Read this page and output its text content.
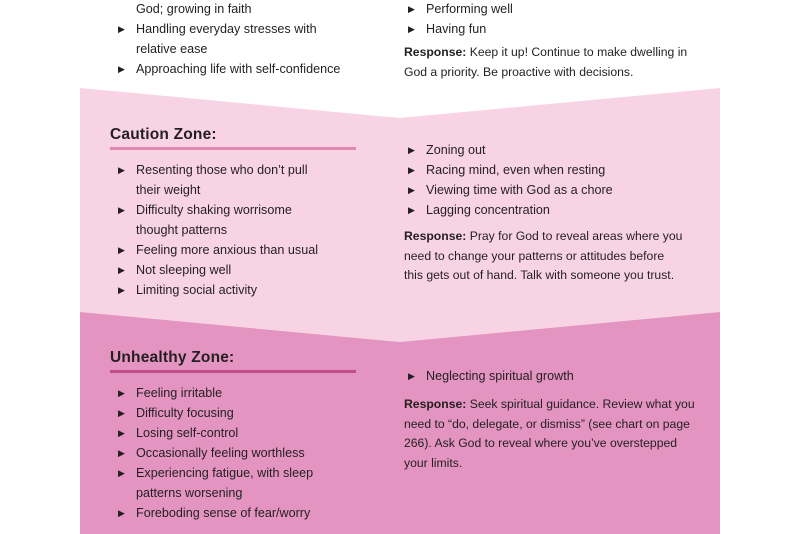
God; growing in faith
▶ Handling everyday stresses with
relative ease
▶ Approaching life with self-confidence
▶ Performing well
▶ Having fun

Response: Keep it up! Continue to make dwelling in God a priority. Be proactive with decisions.

Caution Zone:
▶ Resenting those who don’t pull
their weight
▶ Difficulty shaking worrisome
thought patterns
▶ Feeling more anxious than usual
▶ Not sleeping well
▶ Limiting social activity
▶ Zoning out
▶ Racing mind, even when resting
▶ Viewing time with God as a chore
▶ Lagging concentration

Response: Pray for God to reveal areas where you need to change your patterns or attitudes before this gets out of hand. Talk with someone you trust.

Unhealthy Zone:
▶ Feeling irritable
▶ Difficulty focusing
▶ Losing self-control
▶ Occasionally feeling worthless
▶ Experiencing fatigue, with sleep
patterns worsening
▶ Foreboding sense of fear/worry
▶ Neglecting spiritual growth

Response: Seek spiritual guidance. Review what you need to “do, delegate, or dismiss” (see chart on page 266). Ask God to reveal where you’ve overstepped your limits.
